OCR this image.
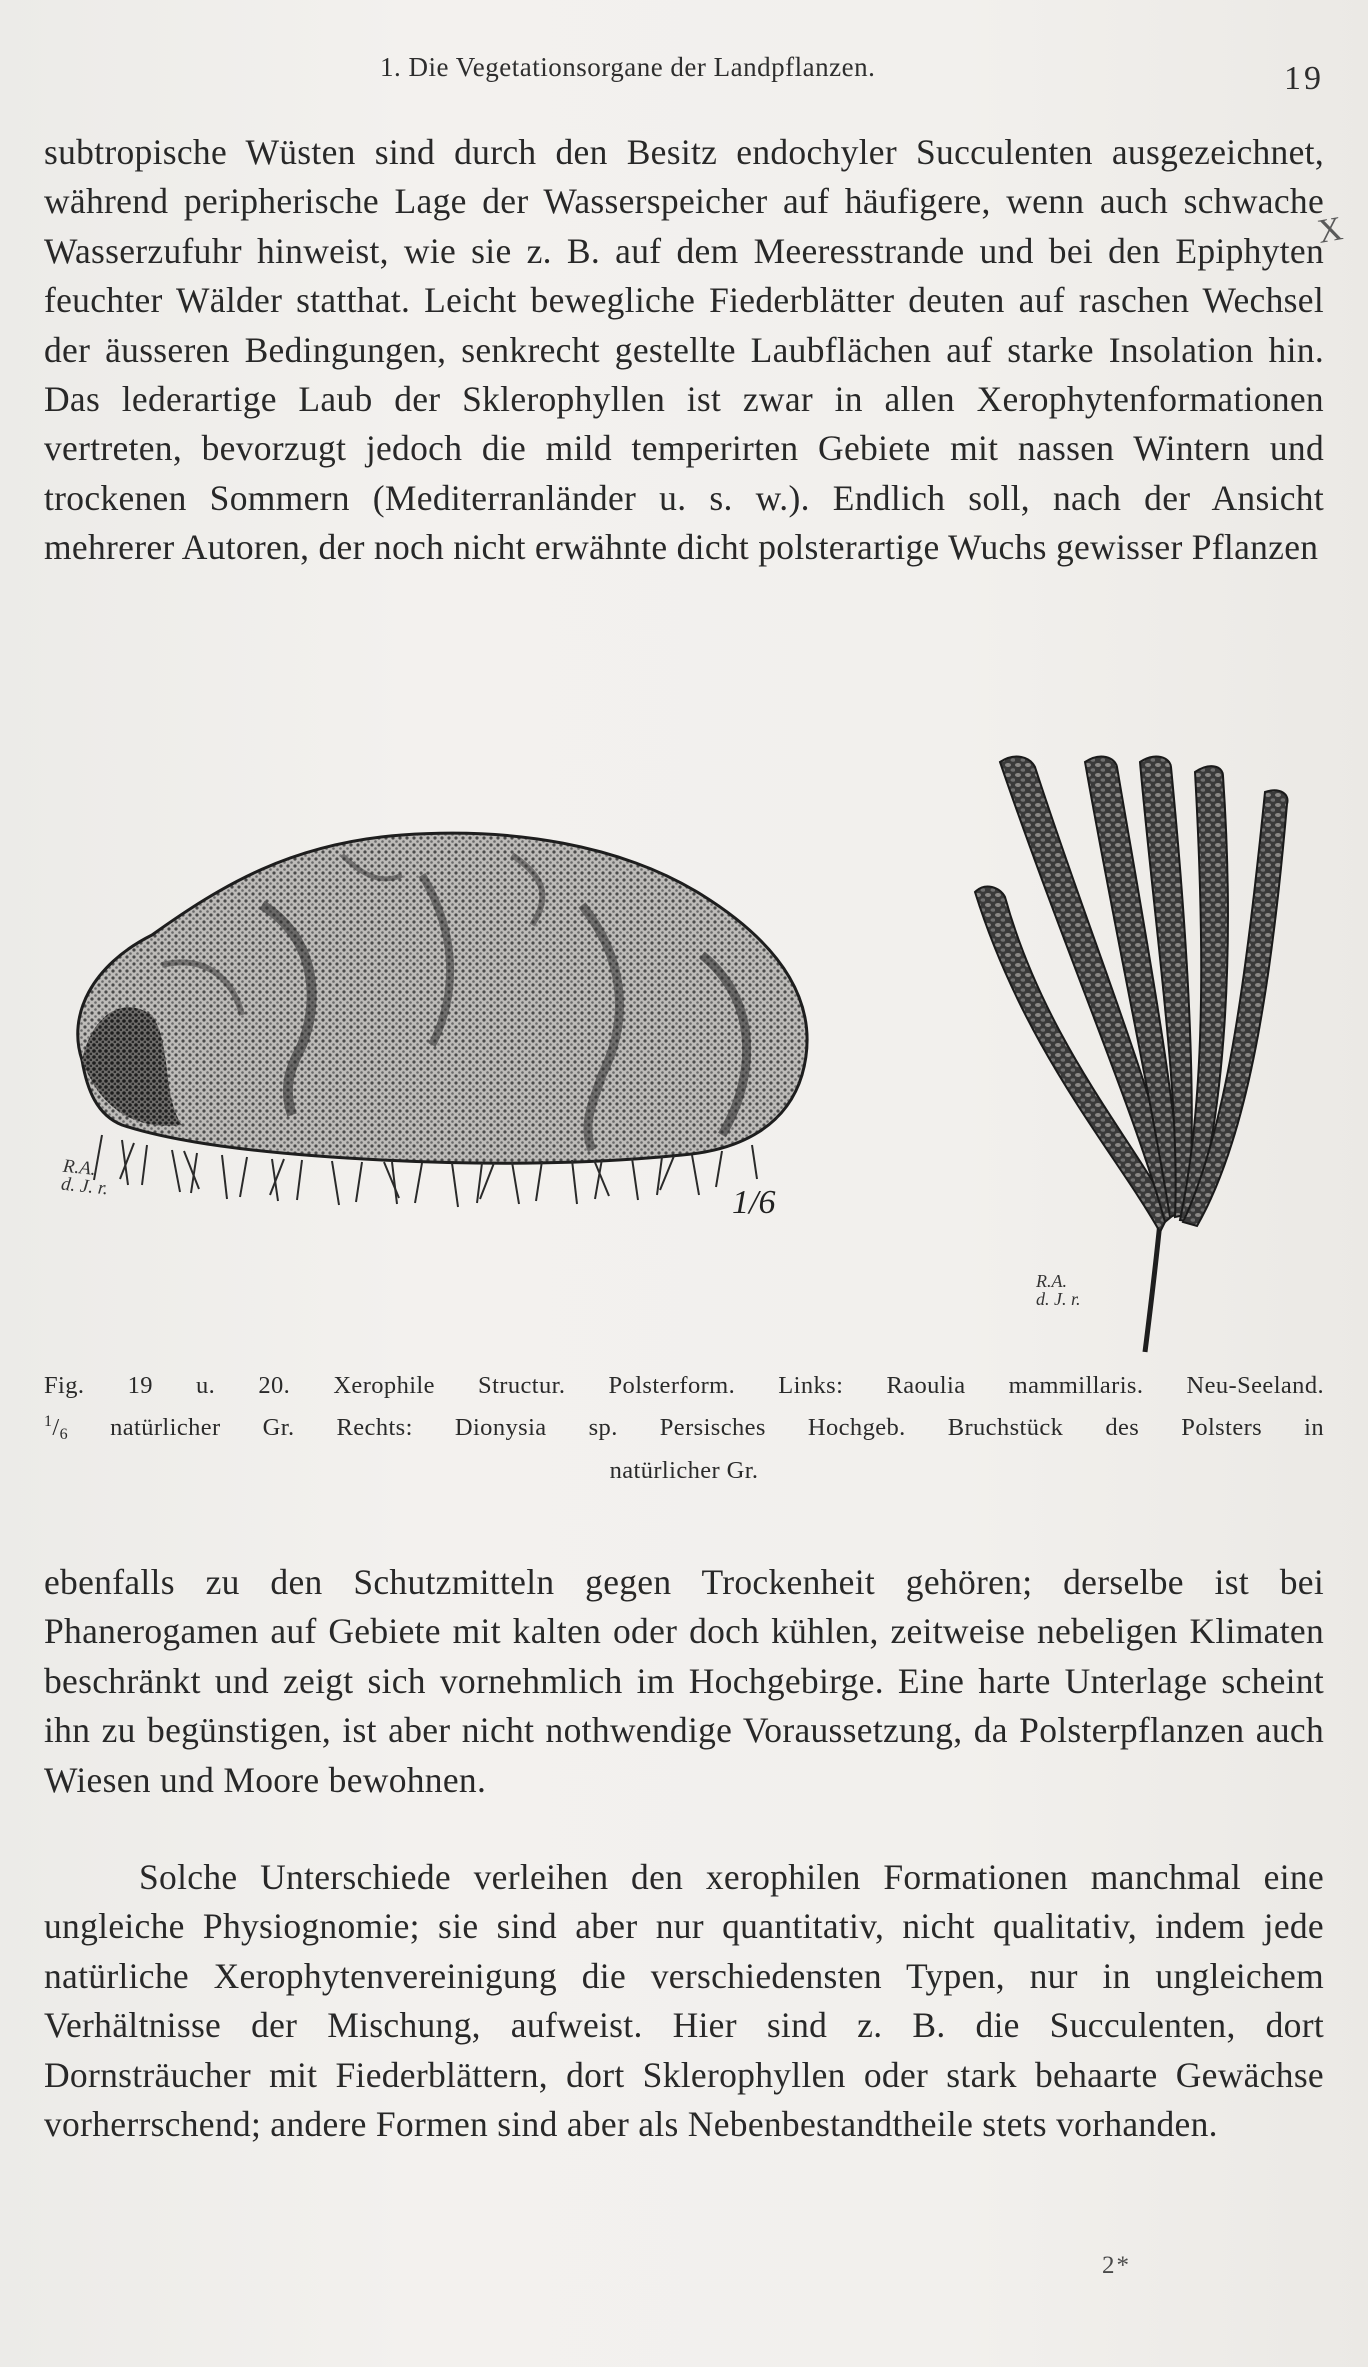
1. Die Vegetationsorgane der Landpflanzen.	19

subtropische Wüsten sind durch den Besitz endochyler Succulenten ausgezeichnet, während peripherische Lage der Wasserspeicher auf häufigere, wenn auch schwache Wasserzufuhr hinweist, wie sie z. B. auf dem Meeresstrande und bei den Epiphyten feuchter Wälder statthat. Leicht bewegliche Fiederblätter deuten auf raschen Wechsel der äusseren Bedingungen, senkrecht gestellte Laubflächen auf starke Insolation hin. Das lederartige Laub der Sklerophyllen ist zwar in allen Xerophytenformationen vertreten, bevorzugt jedoch die mild temperirten Gebiete mit nassen Wintern und trockenen Sommern (Mediterranländer u. s. w.). Endlich soll, nach der Ansicht mehrerer Autoren, der noch nicht erwähnte dicht polsterartige Wuchs gewisser Pflanzen

X
R.A.
d. J. r.	1/6
R.A.
d. J. r.

Fig. 19 u. 20. Xerophile Structur. Polsterform. Links: Raoulia mammillaris. Neu-Seeland.
$^1/_6$ natürlicher Gr. Rechts: Dionysia sp. Persisches Hochgeb. Bruchstück des Polsters in
natürlicher Gr.

ebenfalls zu den Schutzmitteln gegen Trockenheit gehören; derselbe ist bei Phanerogamen auf Gebiete mit kalten oder doch kühlen, zeitweise nebeligen Klimaten beschränkt und zeigt sich vornehmlich im Hochgebirge. Eine harte Unterlage scheint ihn zu begünstigen, ist aber nicht nothwendige Voraussetzung, da Polsterpflanzen auch Wiesen und Moore bewohnen.

Solche Unterschiede verleihen den xerophilen Formationen manchmal eine ungleiche Physiognomie; sie sind aber nur quantitativ, nicht qualitativ, indem jede natürliche Xerophytenvereinigung die verschiedensten Typen, nur in ungleichem Verhältnisse der Mischung, aufweist. Hier sind z. B. die Succulenten, dort Dornsträucher mit Fiederblättern, dort Sklerophyllen oder stark behaarte Gewächse vorherrschend; andere Formen sind aber als Nebenbestandtheile stets vorhanden.

2*
